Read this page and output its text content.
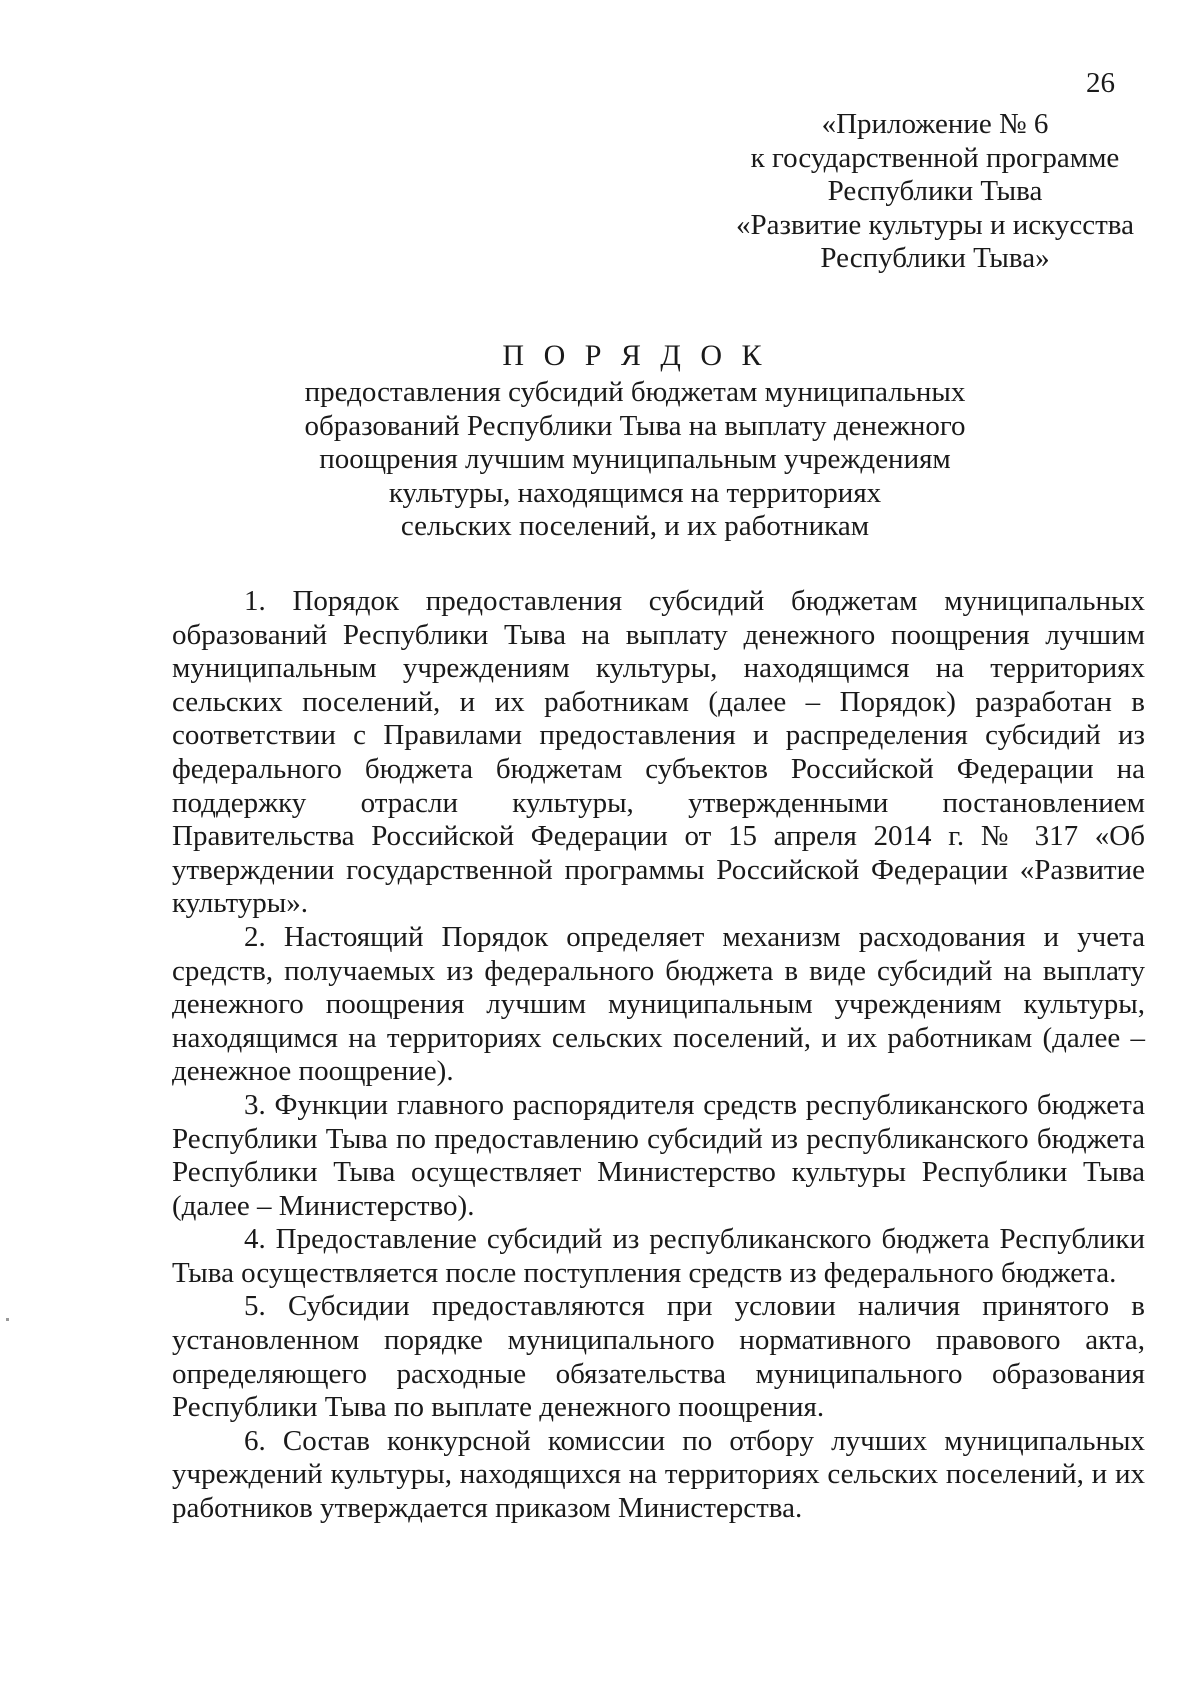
26
«Приложение № 6
к государственной программе
Республики Тыва
«Развитие культуры и искусства
Республики Тыва»
П О Р Я Д О К
предоставления субсидий бюджетам муниципальных
образований Республики Тыва на выплату денежного
поощрения лучшим муниципальным учреждениям
культуры, находящимся на территориях
сельских поселений, и их работникам

1. Порядок предоставления субсидий бюджетам муниципальных образований Республики Тыва на выплату денежного поощрения лучшим муниципальным учреждениям культуры, находящимся на территориях сельских поселений, и их работникам (далее – Порядок) разработан в соответствии с Правилами предоставления и распределения субсидий из федерального бюджета бюджетам субъектов Российской Федерации на поддержку отрасли культуры, утвержденными постановлением Правительства Российской Федерации от 15 апреля 2014 г. № 317 «Об утверждении государственной программы Российской Федерации «Развитие культуры».

2. Настоящий Порядок определяет механизм расходования и учета средств, получаемых из федерального бюджета в виде субсидий на выплату денежного поощрения лучшим муниципальным учреждениям культуры, находящимся на территориях сельских поселений, и их работникам (далее – денежное поощрение).

3. Функции главного распорядителя средств республиканского бюджета Республики Тыва по предоставлению субсидий из республиканского бюджета Республики Тыва осуществляет Министерство культуры Республики Тыва (далее – Министерство).

4. Предоставление субсидий из республиканского бюджета Республики Тыва осуществляется после поступления средств из федерального бюджета.

5. Субсидии предоставляются при условии наличия принятого в установленном порядке муниципального нормативного правового акта, определяющего расходные обязательства муниципального образования Республики Тыва по выплате денежного поощрения.

6. Состав конкурсной комиссии по отбору лучших муниципальных учреждений культуры, находящихся на территориях сельских поселений, и их работников утверждается приказом Министерства.
